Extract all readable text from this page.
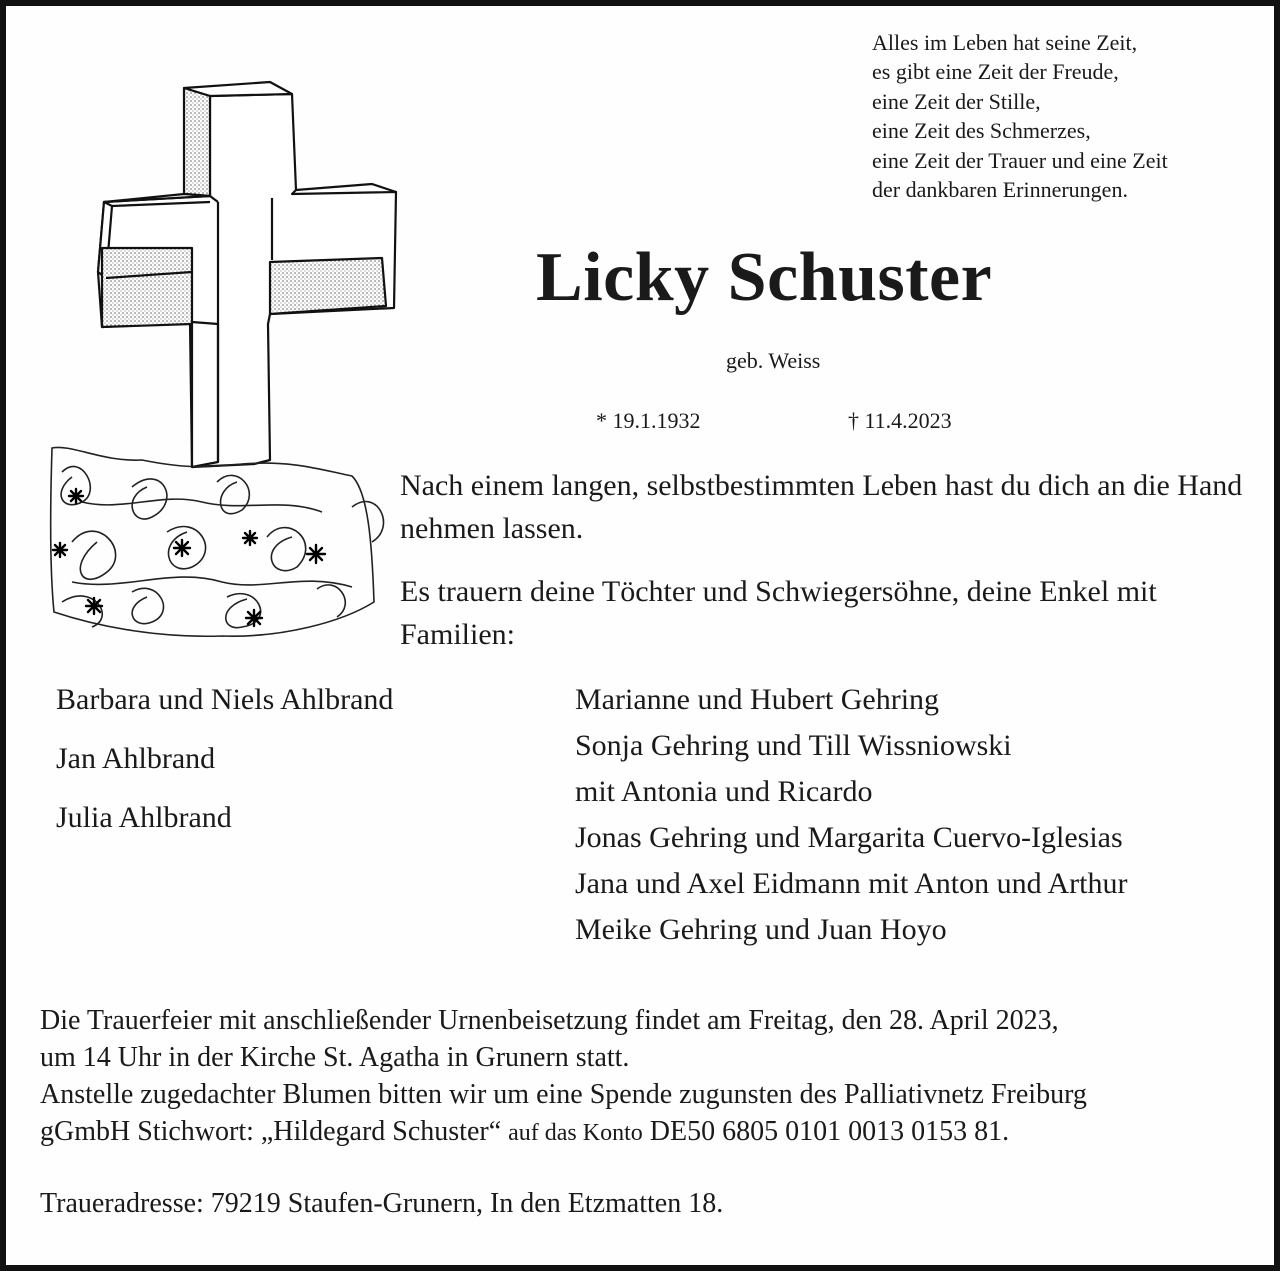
Alles im Leben hat seine Zeit,
es gibt eine Zeit der Freude,
eine Zeit der Stille,
eine Zeit des Schmerzes,
eine Zeit der Trauer und eine Zeit
der dankbaren Erinnerungen.
Licky Schuster
geb. Weiss
* 19.1.1932	† 11.4.2023
Nach einem langen, selbstbestimmten Leben hast du dich an die Hand nehmen lassen.
Es trauern deine Töchter und Schwiegersöhne, deine Enkel mit Familien:
Barbara und Niels Ahlbrand
Jan Ahlbrand
Julia Ahlbrand
Marianne und Hubert Gehring
Sonja Gehring und Till Wissniowski
mit Antonia und Ricardo
Jonas Gehring und Margarita Cuervo-Iglesias
Jana und Axel Eidmann mit Anton und Arthur
Meike Gehring und Juan Hoyo
Die Trauerfeier mit anschließender Urnenbeisetzung findet am Freitag, den 28. April 2023,
um 14 Uhr in der Kirche St. Agatha in Grunern statt.
Anstelle zugedachter Blumen bitten wir um eine Spende zugunsten des Palliativnetz Freiburg
gGmbH Stichwort: „Hildegard Schuster“ auf das Konto DE50 6805 0101 0013 0153 81.
Traueradresse: 79219 Staufen-Grunern, In den Etzmatten 18.
